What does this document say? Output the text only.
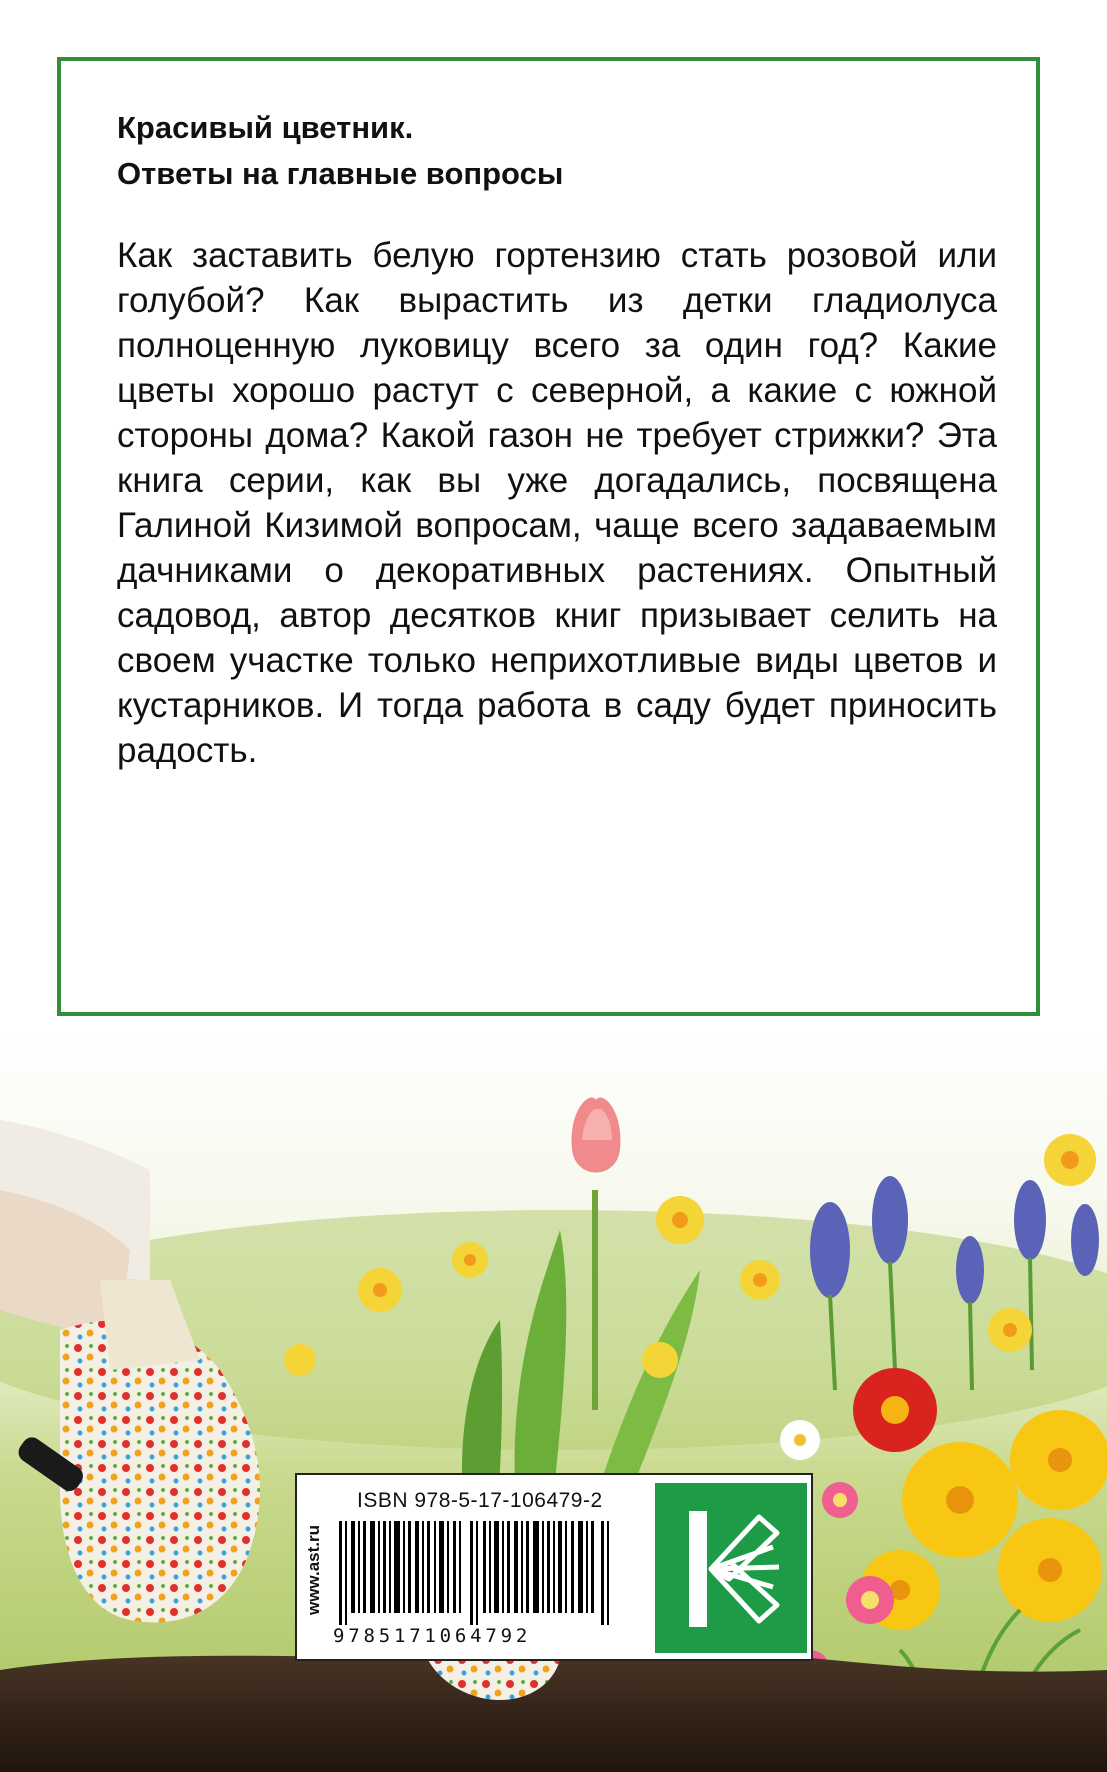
Красивый цветник.
Ответы на главные вопросы
Как заставить белую гортензию стать розовой или голубой? Как вырастить из детки гладиолуса полноценную луковицу всего за один год? Какие цветы хорошо растут с северной, а какие с южной стороны дома? Какой газон не требует стрижки? Эта книга серии, как вы уже догадались, посвящена Галиной Кизимой вопросам, чаще всего задаваемым дачниками о декоративных растениях. Опытный садовод, автор десятков книг призывает селить на своем участке только неприхотливые виды цветов и кустарников. И тогда работа в саду будет приносить радость.
www.ast.ru
ISBN 978-5-17-106479-2
9785171064792
